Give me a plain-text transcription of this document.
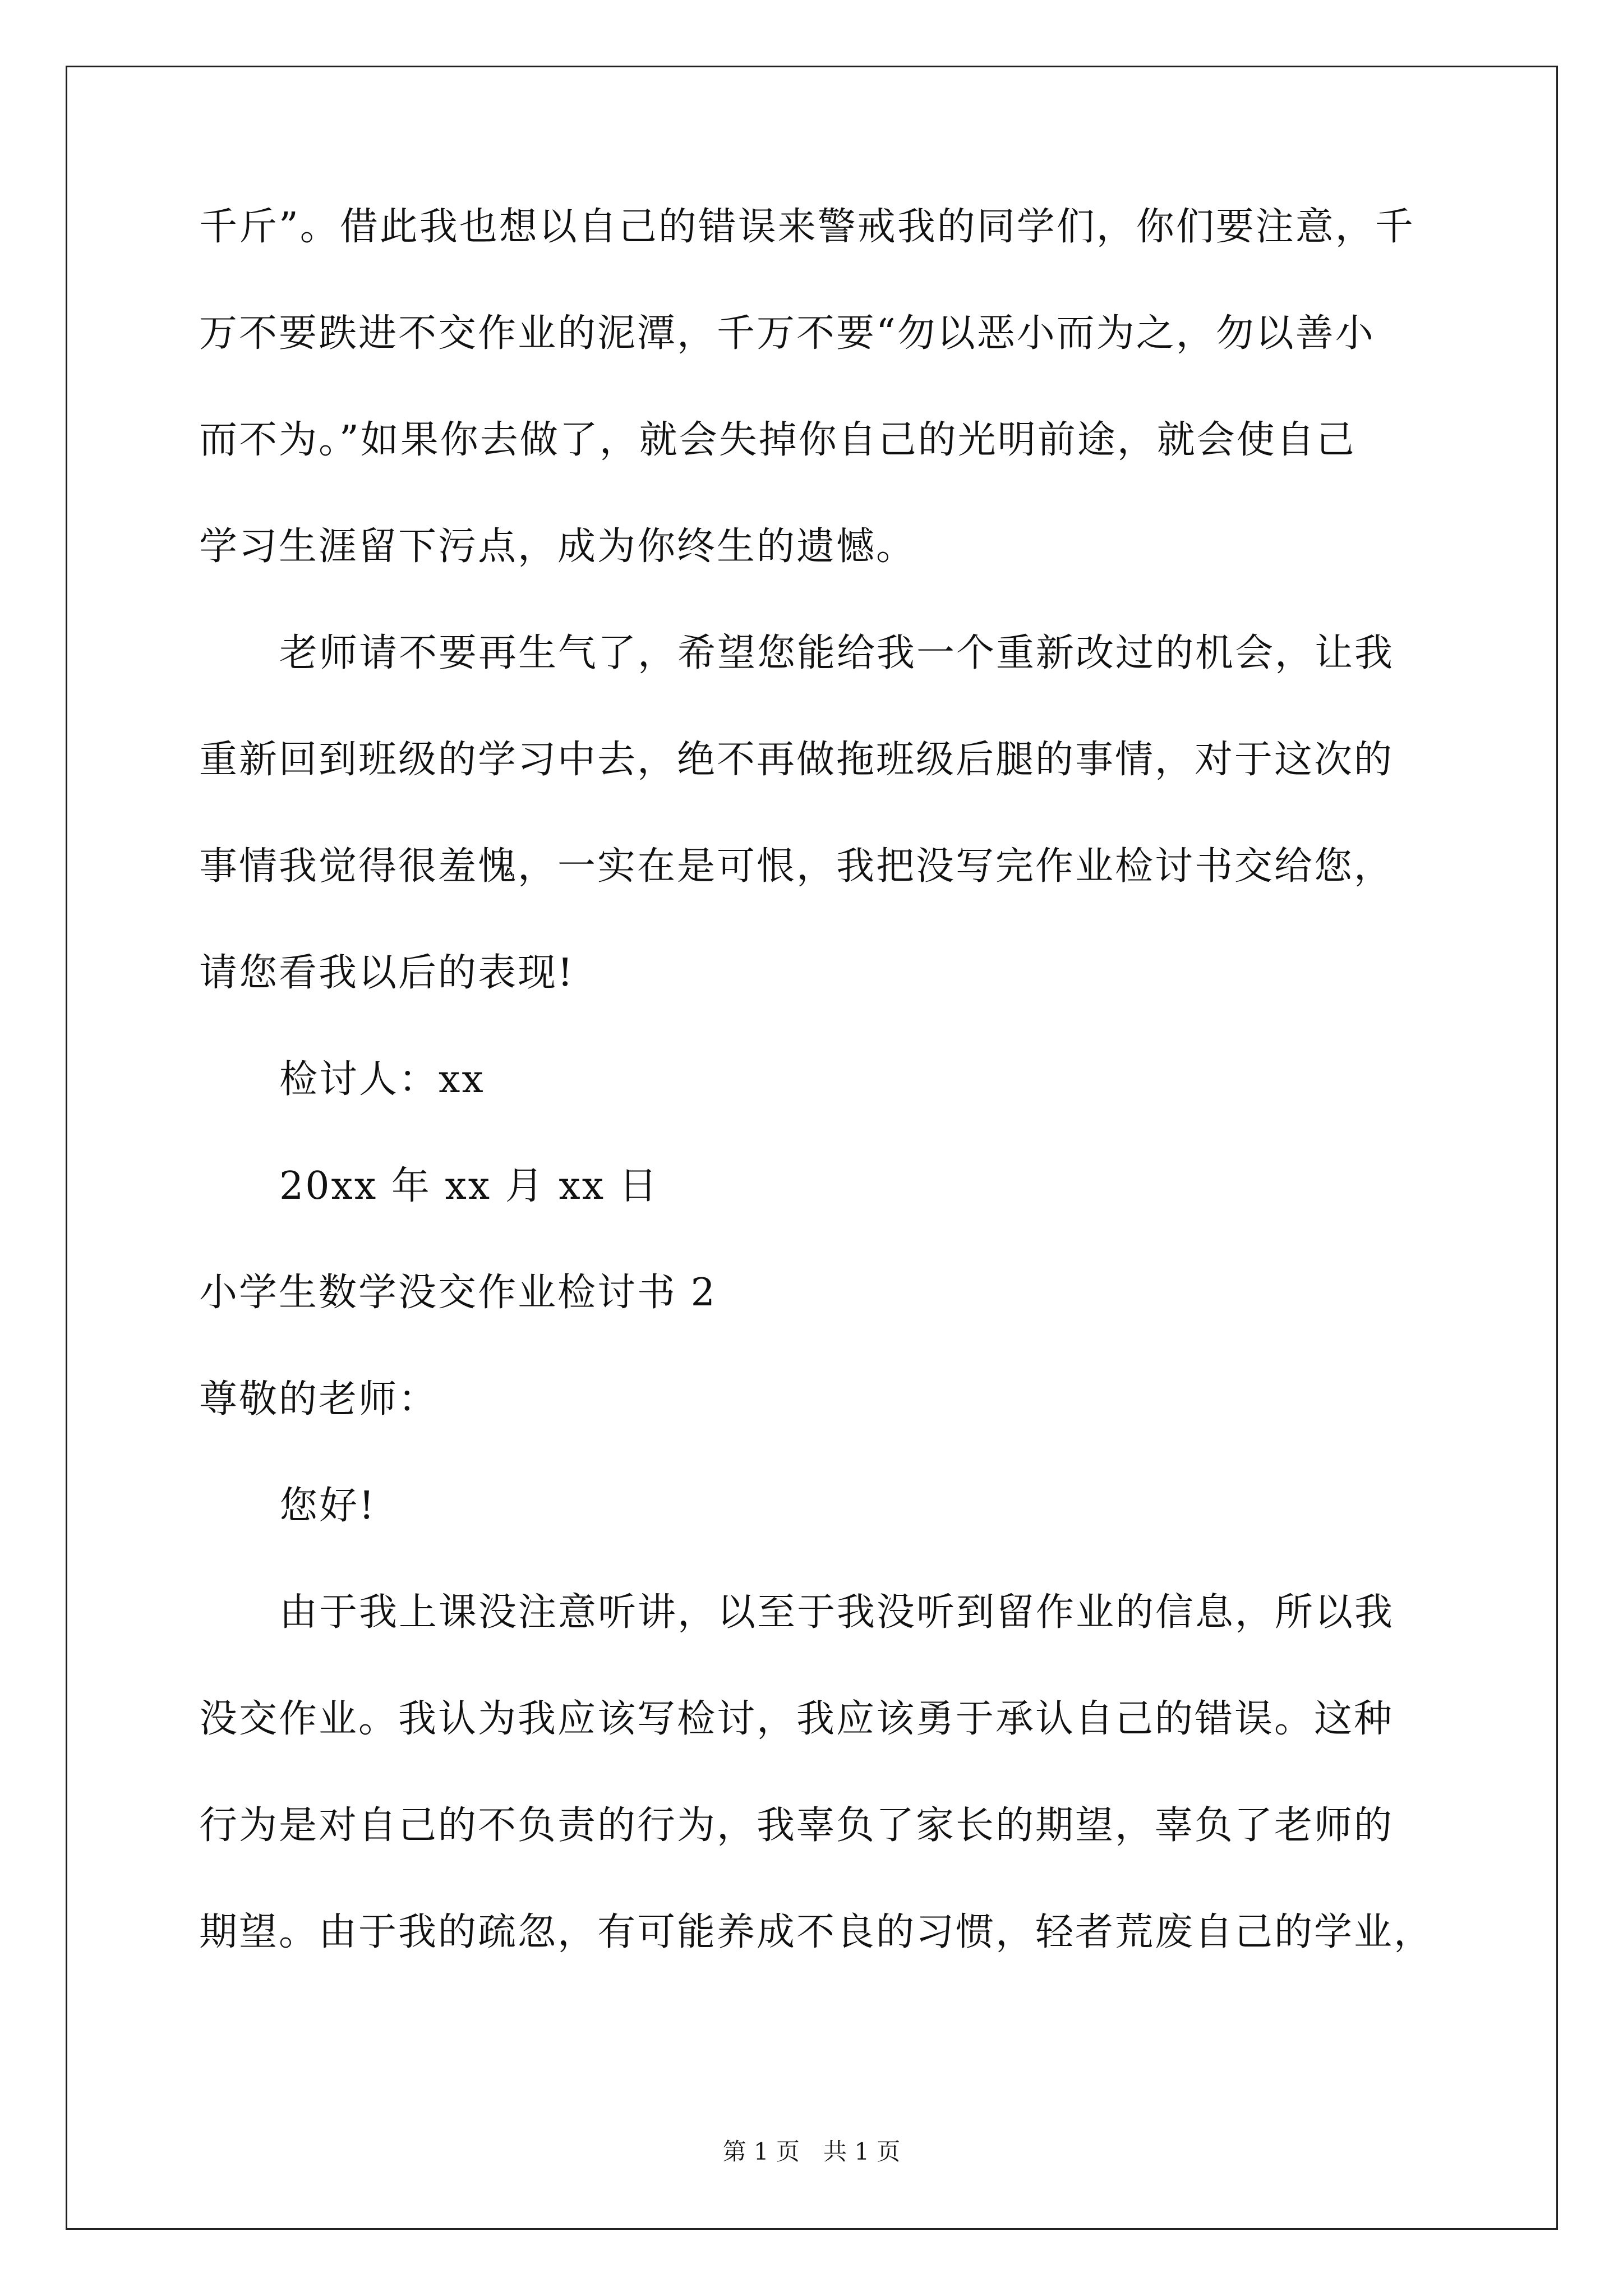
千斤”。借此我也想以自己的错误来警戒我的同学们，你们要注意，千
万不要跌进不交作业的泥潭，千万不要“勿以恶小而为之，勿以善小
而不为。”如果你去做了，就会失掉你自己的光明前途，就会使自己
学习生涯留下污点，成为你终生的遗憾。
老师请不要再生气了，希望您能给我一个重新改过的机会，让我
重新回到班级的学习中去，绝不再做拖班级后腿的事情，对于这次的
事情我觉得很羞愧，一实在是可恨，我把没写完作业检讨书交给您，
请您看我以后的表现!
检讨人：xx
20xx 年 xx 月 xx 日
小学生数学没交作业检讨书 2
尊敬的老师：
您好!
由于我上课没注意听讲，以至于我没听到留作业的信息，所以我
没交作业。我认为我应该写检讨，我应该勇于承认自己的错误。这种
行为是对自己的不负责的行为，我辜负了家长的期望，辜负了老师的
期望。由于我的疏忽，有可能养成不良的习惯，轻者荒废自己的学业，
第 1 页　共 1 页
